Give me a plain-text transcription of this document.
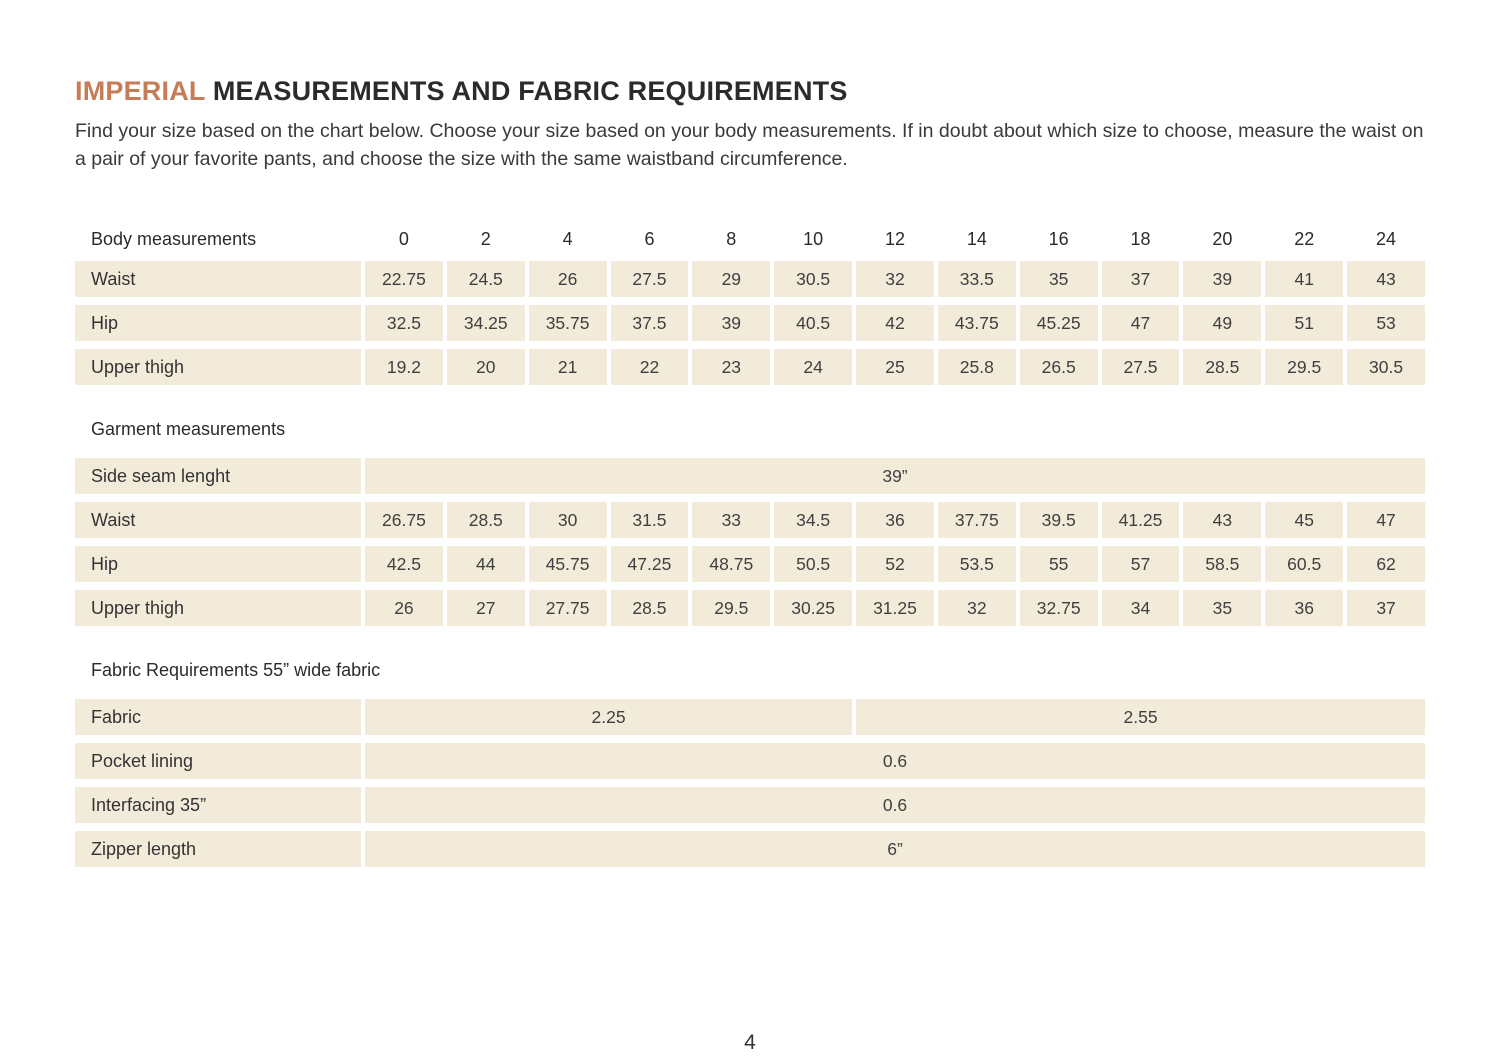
IMPERIAL MEASUREMENTS AND FABRIC REQUIREMENTS

Find your size based on the chart below. Choose your size based on your body measurements. If in doubt about which size to choose, measure the waist on a pair of your favorite pants, and choose the size with the same waistband circumference.

Body measurements	0	2	4	6	8	10	12	14	16	18	20	22	24
Waist	22.75	24.5	26	27.5	29	30.5	32	33.5	35	37	39	41	43
Hip	32.5	34.25	35.75	37.5	39	40.5	42	43.75	45.25	47	49	51	53
Upper thigh	19.2	20	21	22	23	24	25	25.8	26.5	27.5	28.5	29.5	30.5
Garment measurements
Side seam lenght	39”												
Waist	26.75	28.5	30	31.5	33	34.5	36	37.75	39.5	41.25	43	45	47
Hip	42.5	44	45.75	47.25	48.75	50.5	52	53.5	55	57	58.5	60.5	62
Upper thigh	26	27	27.75	28.5	29.5	30.25	31.25	32	32.75	34	35	36	37
Fabric Requirements 55” wide fabric
Fabric	2.25	2.55
Pocket lining	0.6	
Interfacing 35”	0.6	
Zipper length	6”	
4
